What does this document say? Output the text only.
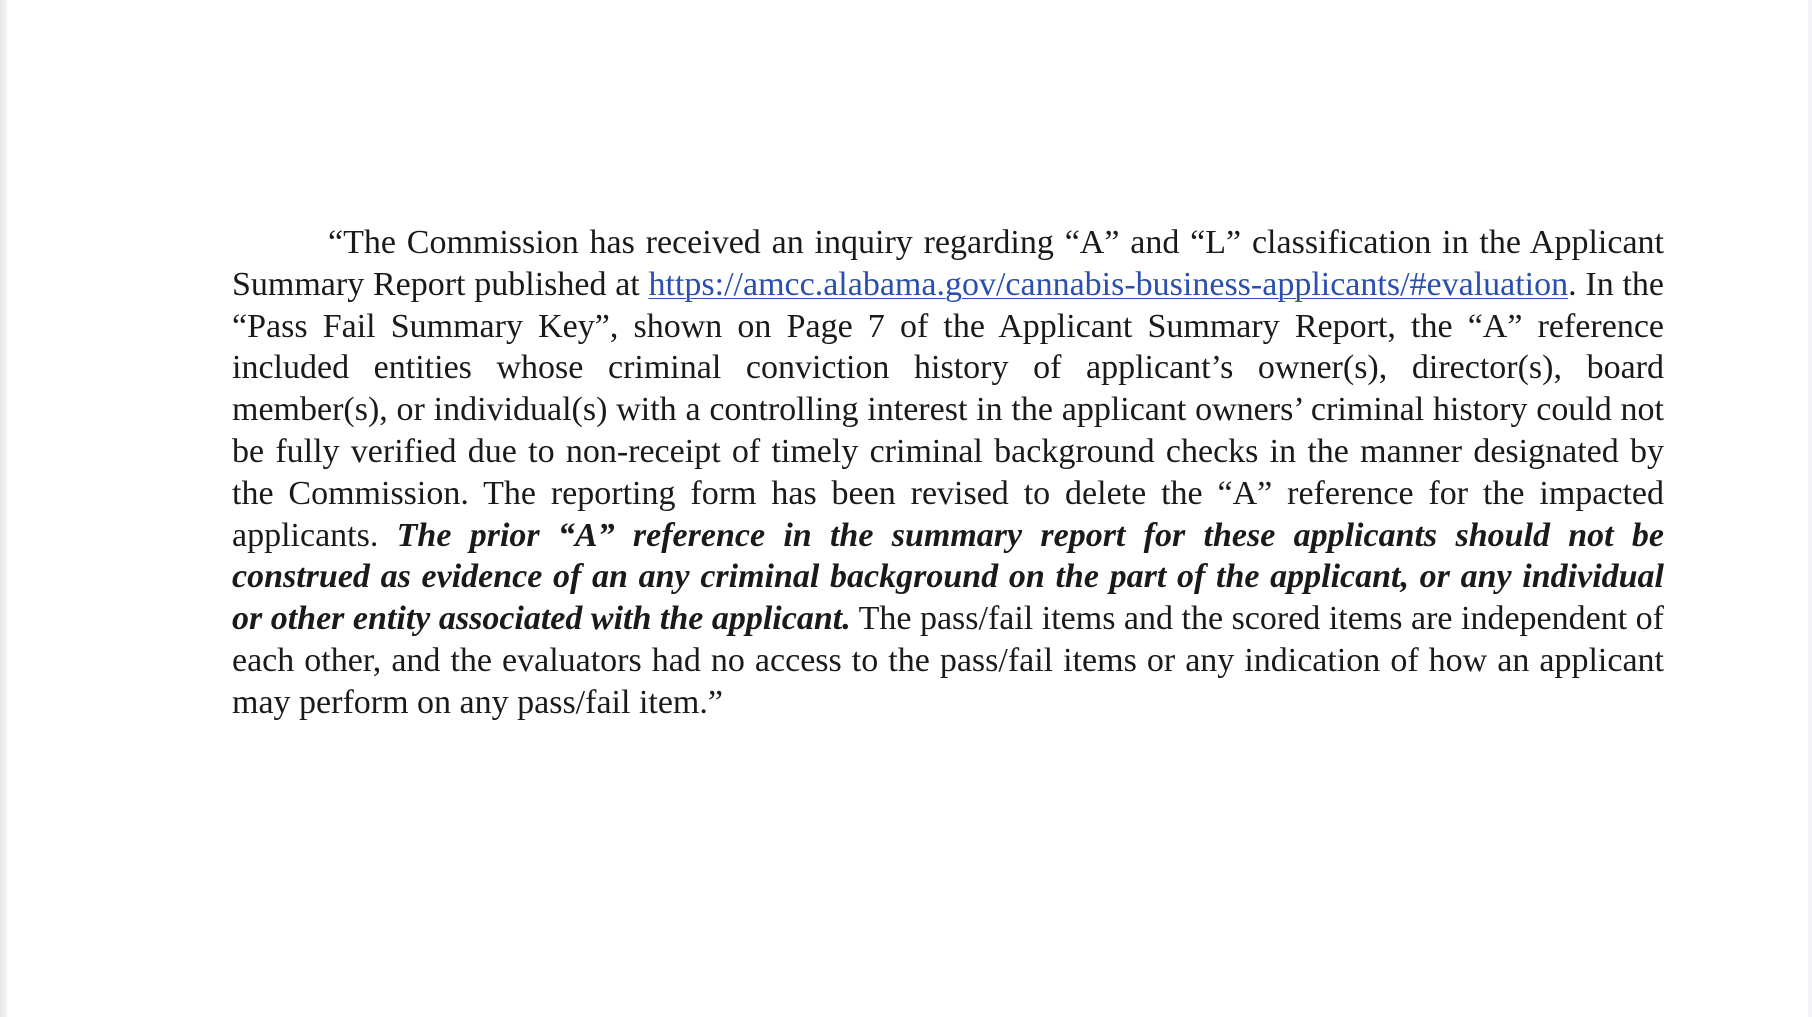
“The Commission has received an inquiry regarding “A” and “L” classification in the Applicant Summary Report published at https://amcc.alabama.gov/cannabis-business-applicants/#evaluation. In the “Pass Fail Summary Key”, shown on Page 7 of the Applicant Summary Report, the “A” reference included entities whose criminal conviction history of applicant’s owner(s), director(s), board member(s), or individual(s) with a controlling interest in the applicant owners’ criminal history could not be fully verified due to non-receipt of timely criminal background checks in the manner designated by the Commission. The reporting form has been revised to delete the “A” reference for the impacted applicants. The prior “A” reference in the summary report for these applicants should not be construed as evidence of an any criminal background on the part of the applicant, or any individual or other entity associated with the applicant. The pass/fail items and the scored items are independent of each other, and the evaluators had no access to the pass/fail items or any indication of how an applicant may perform on any pass/fail item.”
